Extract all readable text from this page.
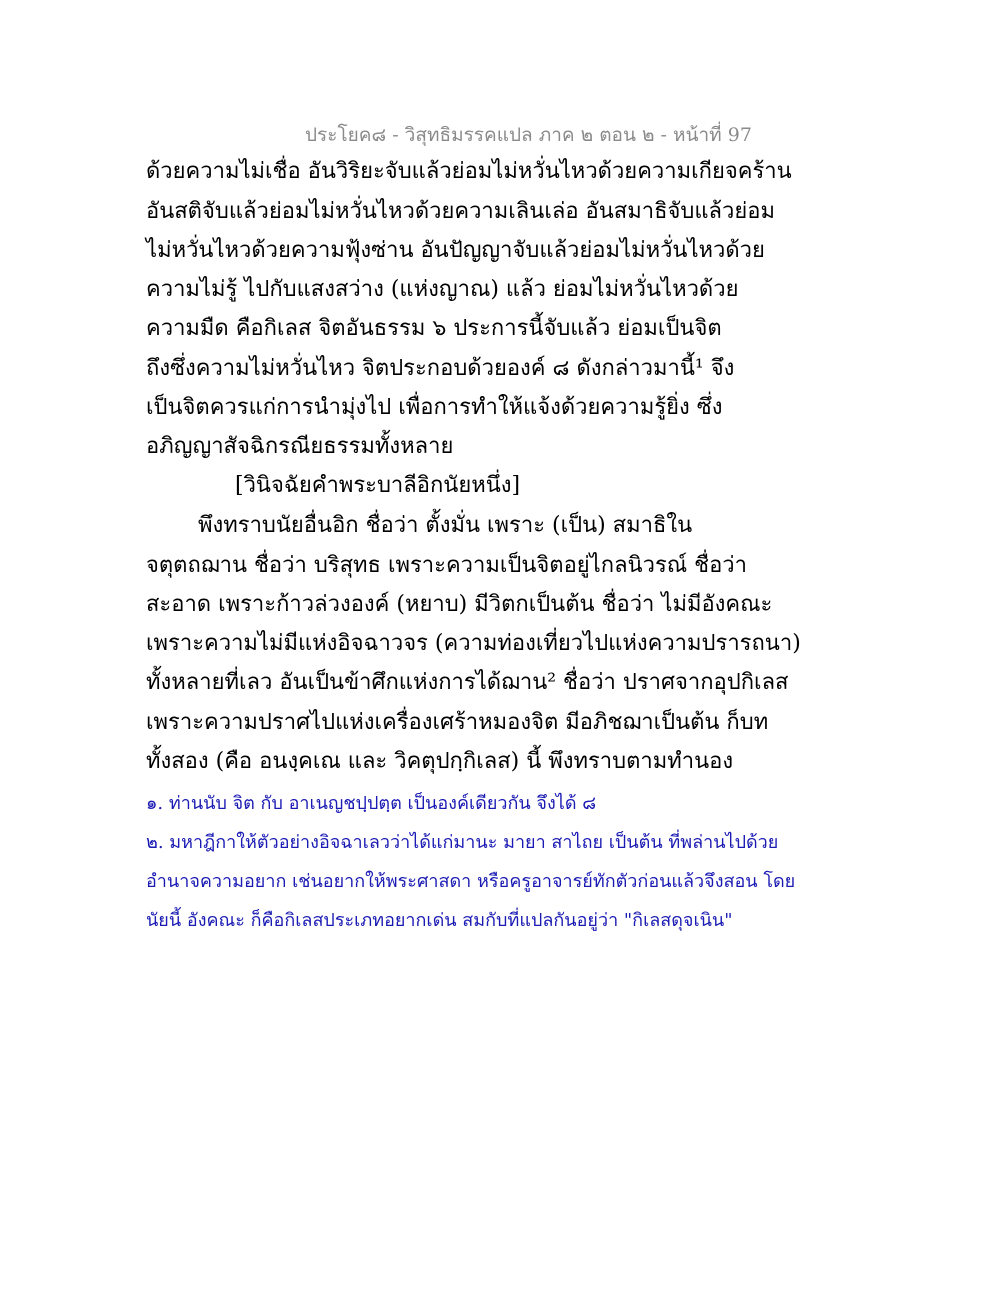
ประโยค๘ - วิสุทธิมรรคแปล ภาค ๒ ตอน ๒ - หน้าที่ 97
ด้วยความไม่เชื่อ อันวิริยะจับแล้วย่อมไม่หวั่นไหวด้วยความเกียจคร้าน
อันสติจับแล้วย่อมไม่หวั่นไหวด้วยความเลินเล่อ อันสมาธิจับแล้วย่อม
ไม่หวั่นไหวด้วยความฟุ้งซ่าน อันปัญญาจับแล้วย่อมไม่หวั่นไหวด้วย
ความไม่รู้ ไปกับแสงสว่าง (แห่งญาณ) แล้ว ย่อมไม่หวั่นไหวด้วย
ความมืด คือกิเลส จิตอันธรรม ๖ ประการนี้จับแล้ว ย่อมเป็นจิต
ถึงซึ่งความไม่หวั่นไหว จิตประกอบด้วยองค์ ๘ ดังกล่าวมานี้¹ จึง
เป็นจิตควรแก่การนำมุ่งไป เพื่อการทำให้แจ้งด้วยความรู้ยิ่ง ซึ่ง
อภิญญาสัจฉิกรณียธรรมทั้งหลาย
[วินิจฉัยคำพระบาลีอิกนัยหนึ่ง]
พึงทราบนัยอื่นอิก ชื่อว่า ตั้งมั่น เพราะ (เป็น) สมาธิใน
จตุตถฌาน ชื่อว่า บริสุทธ เพราะความเป็นจิตอยู่ไกลนิวรณ์ ชื่อว่า
สะอาด เพราะก้าวล่วงองค์ (หยาบ) มีวิตกเป็นต้น ชื่อว่า ไม่มีอังคณะ
เพราะความไม่มีแห่งอิจฉาวจร (ความท่องเที่ยวไปแห่งความปรารถนา)
ทั้งหลายที่เลว อันเป็นข้าศึกแห่งการได้ฌาน² ชื่อว่า ปราศจากอุปกิเลส
เพราะความปราศไปแห่งเครื่องเศร้าหมองจิต มีอภิชฌาเป็นต้น ก็บท
ทั้งสอง (คือ อนงฺคเณ และ วิคตุปกฺกิเลส) นี้ พึงทราบตามทำนอง
๑. ท่านนับ จิต กับ อาเนญชปฺปตฺต เป็นองค์เดียวกัน จึงได้ ๘
๒. มหาฎีกาให้ตัวอย่างอิจฉาเลวว่าได้แก่มานะ มายา สาไถย เป็นต้น ที่พล่านไปด้วย
อำนาจความอยาก เช่นอยากให้พระศาสดา หรือครูอาจารย์ทักตัวก่อนแล้วจึงสอน โดย
นัยนี้ อังคณะ ก็คือกิเลสประเภทอยากเด่น สมกับที่แปลกันอยู่ว่า "กิเลสดุจเนิน"
